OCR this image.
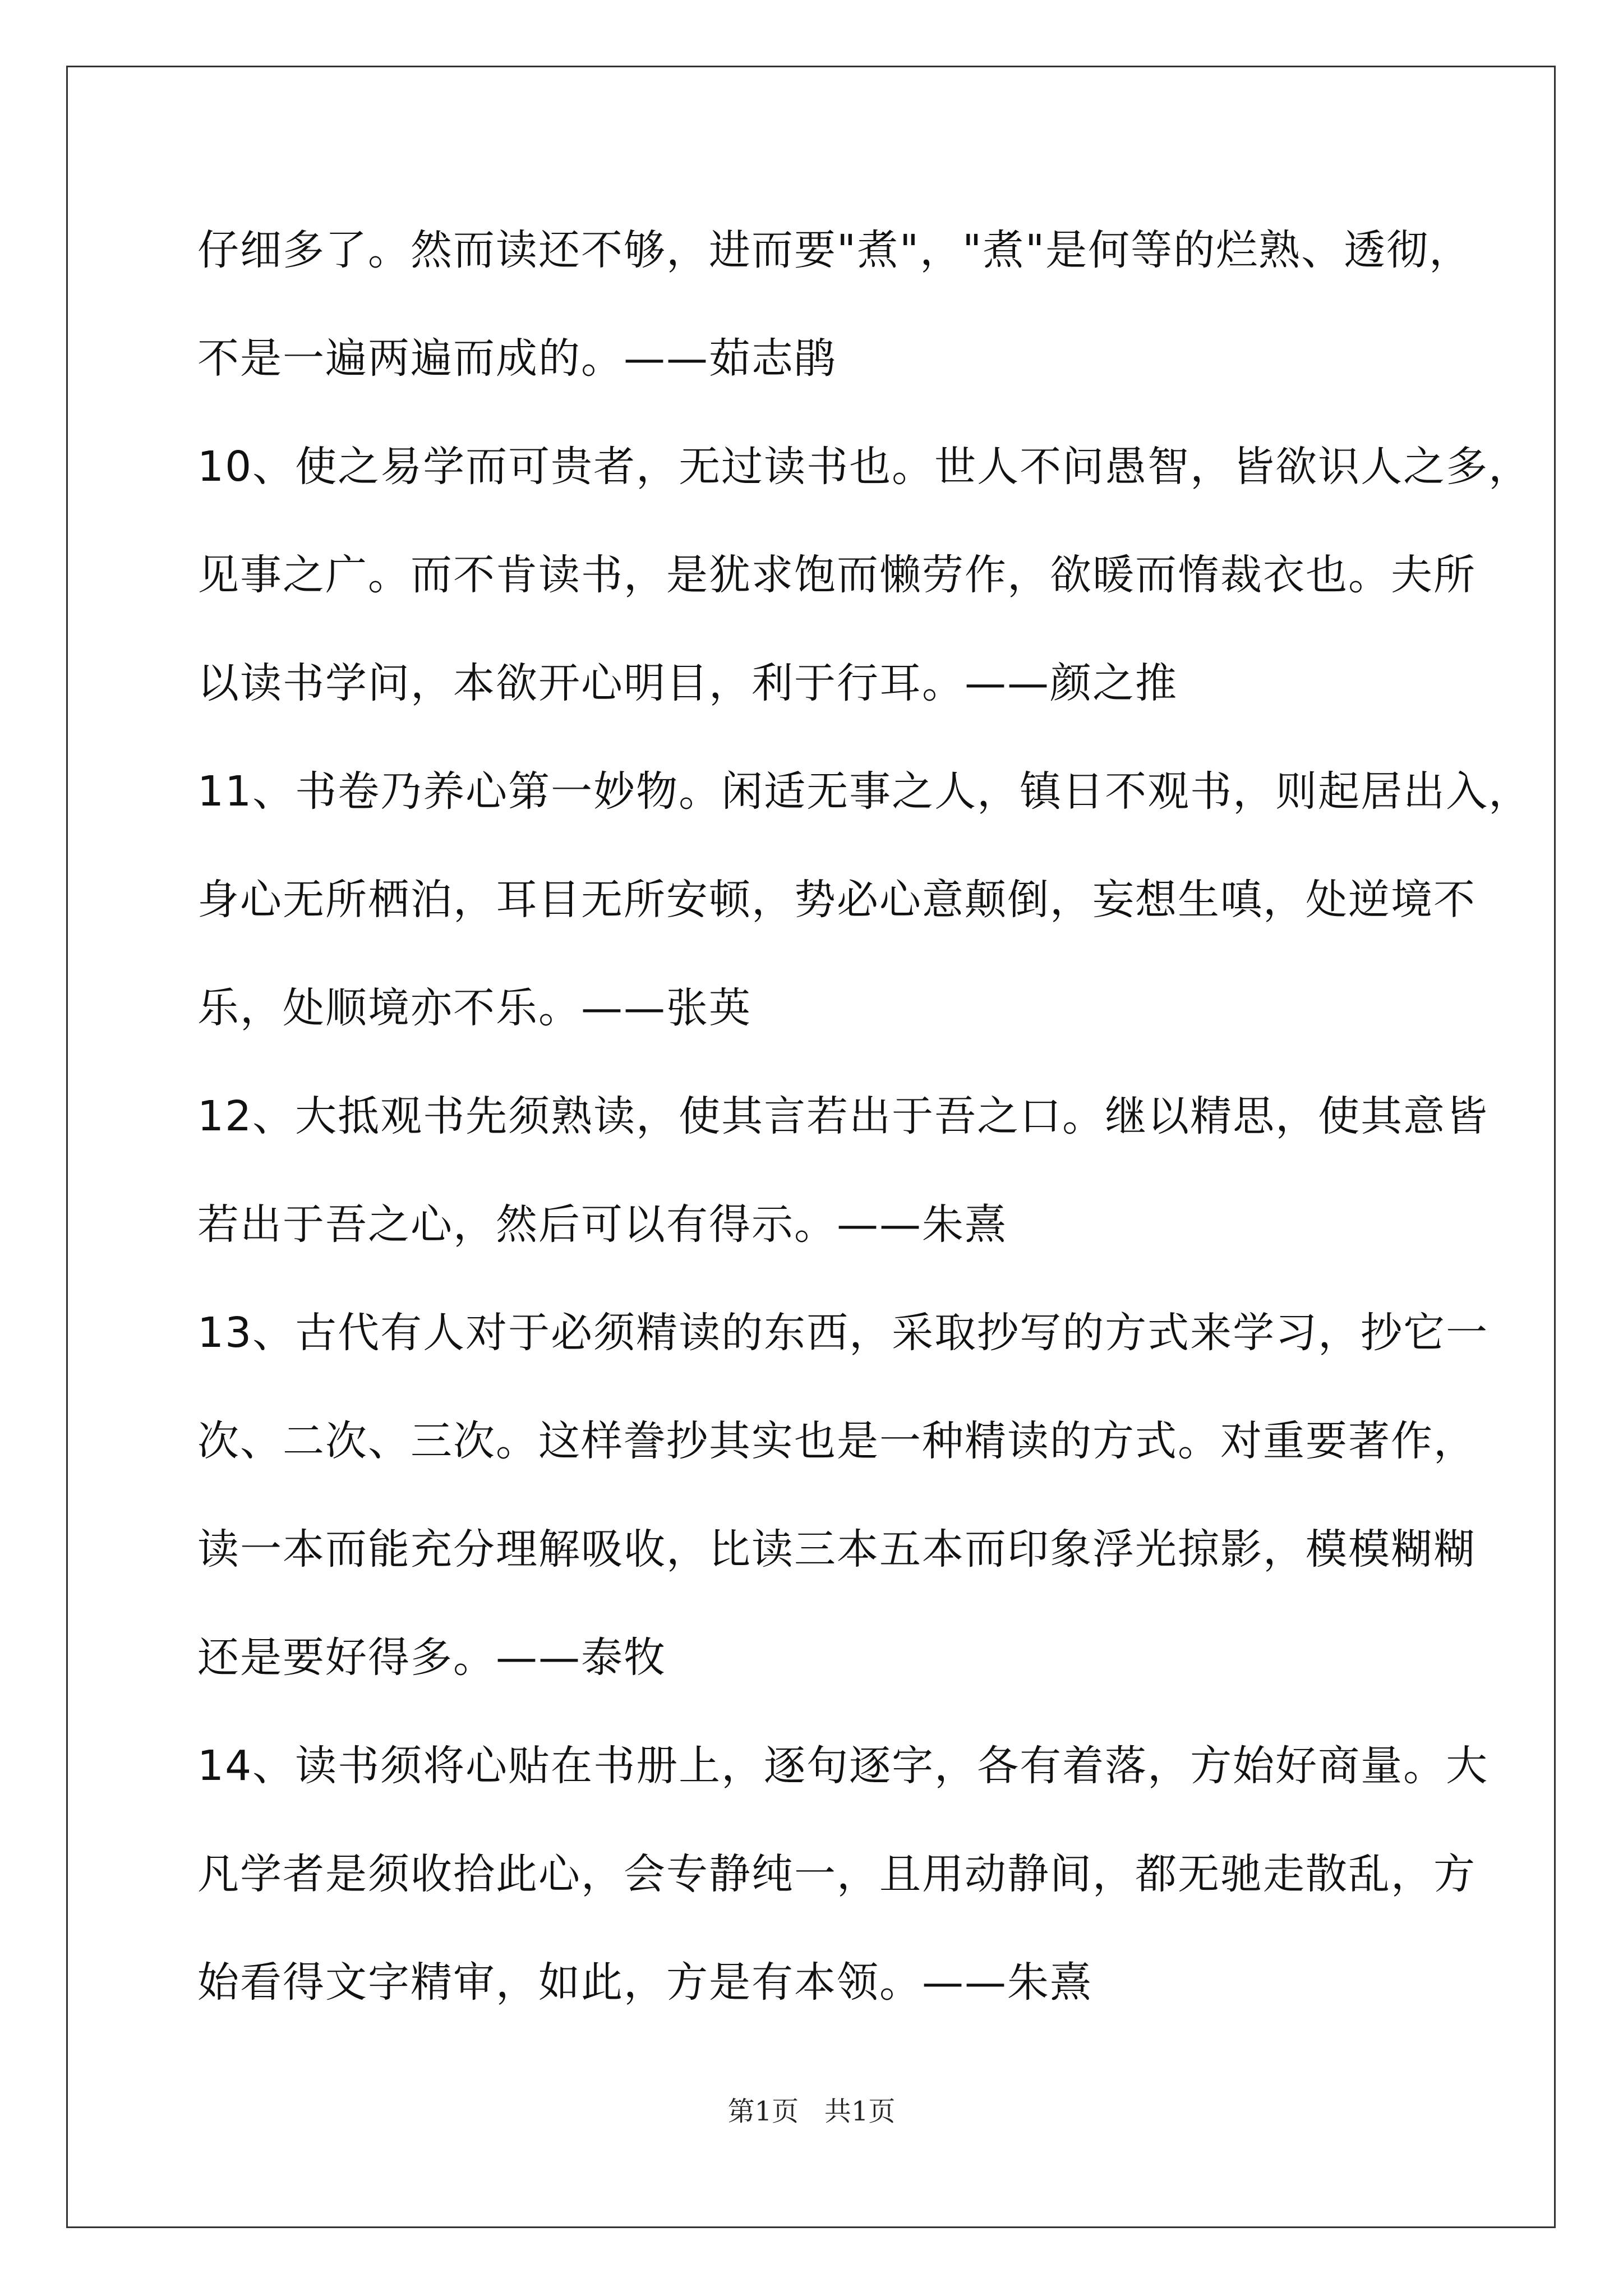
仔细多了。然而读还不够，进而要"煮"，"煮"是何等的烂熟、透彻，
不是一遍两遍而成的。——茹志鹃
10、使之易学而可贵者，无过读书也。世人不问愚智，皆欲识人之多，
见事之广。而不肯读书，是犹求饱而懒劳作，欲暖而惰裁衣也。夫所
以读书学问，本欲开心明目，利于行耳。——颜之推
11、书卷乃养心第一妙物。闲适无事之人，镇日不观书，则起居出入，
身心无所栖泊，耳目无所安顿，势必心意颠倒，妄想生嗔，处逆境不
乐，处顺境亦不乐。——张英
12、大抵观书先须熟读，使其言若出于吾之口。继以精思，使其意皆
若出于吾之心，然后可以有得示。——朱熹
13、古代有人对于必须精读的东西，采取抄写的方式来学习，抄它一
次、二次、三次。这样誊抄其实也是一种精读的方式。对重要著作，
读一本而能充分理解吸收，比读三本五本而印象浮光掠影，模模糊糊
还是要好得多。——泰牧
14、读书须将心贴在书册上，逐句逐字，各有着落，方始好商量。大
凡学者是须收拾此心，会专静纯一，且用动静间，都无驰走散乱，方
始看得文字精审，如此，方是有本领。——朱熹
第1页   共1页
